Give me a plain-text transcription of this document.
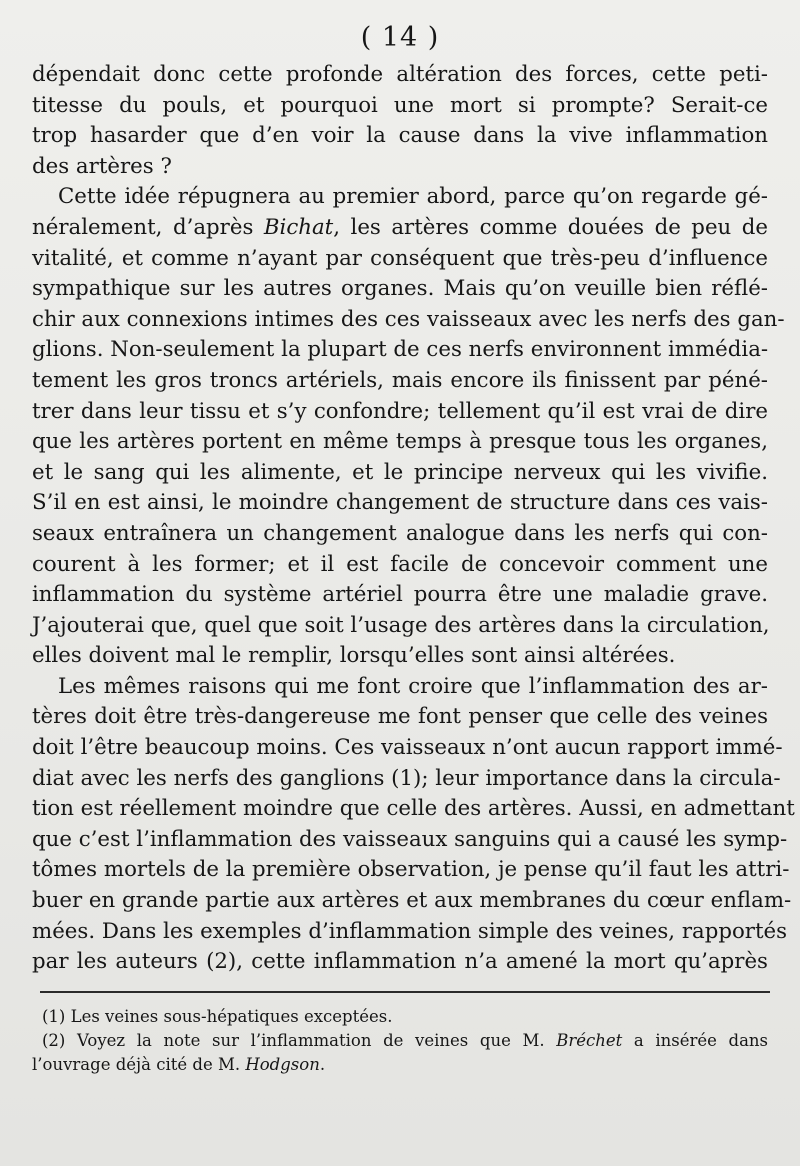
( 14 )
dépendait donc cette profonde altération des forces, cette peti-
titesse du pouls, et pourquoi une mort si prompte? Serait-ce
trop hasarder que d’en voir la cause dans la vive inflammation
des artères ?
Cette idée répugnera au premier abord, parce qu’on regarde gé-
néralement, d’après Bichat, les artères comme douées de peu de
vitalité, et comme n’ayant par conséquent que très-peu d’influence
sympathique sur les autres organes. Mais qu’on veuille bien réflé-
chir aux connexions intimes des ces vaisseaux avec les nerfs des gan-
glions. Non-seulement la plupart de ces nerfs environnent immédia-
tement les gros troncs artériels, mais encore ils finissent par péné-
trer dans leur tissu et s’y confondre; tellement qu’il est vrai de dire
que les artères portent en même temps à presque tous les organes,
et le sang qui les alimente, et le principe nerveux qui les vivifie.
S’il en est ainsi, le moindre changement de structure dans ces vais-
seaux entraînera un changement analogue dans les nerfs qui con-
courent à les former; et il est facile de concevoir comment une
inflammation du système artériel pourra être une maladie grave.
J’ajouterai que, quel que soit l’usage des artères dans la circulation,
elles doivent mal le remplir, lorsqu’elles sont ainsi altérées.
Les mêmes raisons qui me font croire que l’inflammation des ar-
tères doit être très-dangereuse me font penser que celle des veines
doit l’être beaucoup moins. Ces vaisseaux n’ont aucun rapport immé-
diat avec les nerfs des ganglions (1); leur importance dans la circula-
tion est réellement moindre que celle des artères. Aussi, en admettant
que c’est l’inflammation des vaisseaux sanguins qui a causé les symp-
tômes mortels de la première observation, je pense qu’il faut les attri-
buer en grande partie aux artères et aux membranes du cœur enflam-
mées. Dans les exemples d’inflammation simple des veines, rapportés
par les auteurs (2), cette inflammation n’a amené la mort qu’après

(1) Les veines sous-hépatiques exceptées.

(2) Voyez la note sur l’inflammation de veines que M. Bréchet a insérée dans
l’ouvrage déjà cité de M. Hodgson.
